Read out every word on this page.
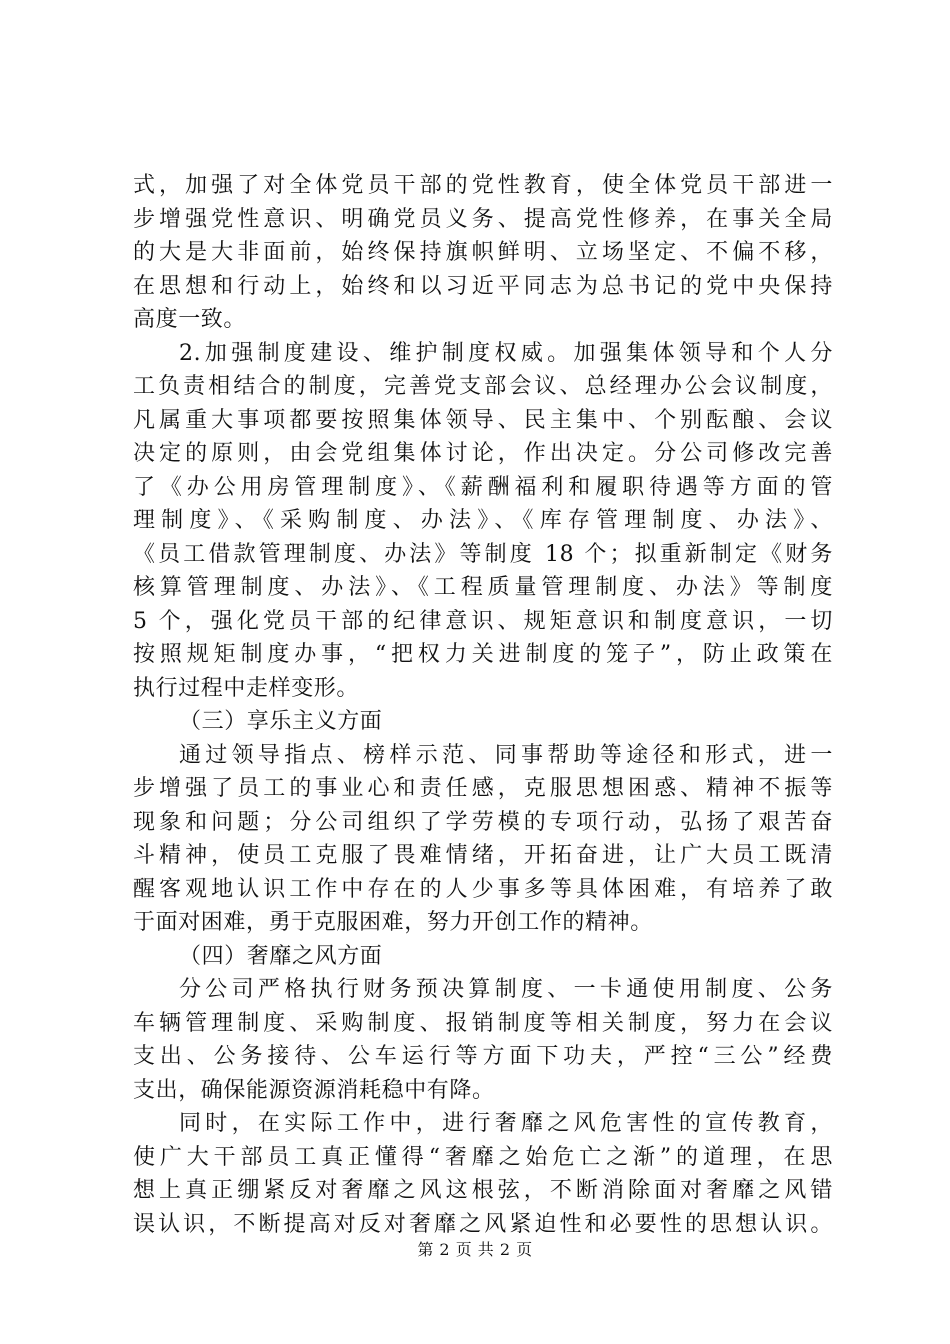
式，加强了对全体党员干部的党性教育，使全体党员干部进一
步增强党性意识、明确党员义务、提高党性修养，在事关全局
的大是大非面前，始终保持旗帜鲜明、立场坚定、不偏不移，
在思想和行动上，始终和以习近平同志为总书记的党中央保持
高度一致。
2.加强制度建设、维护制度权威。加强集体领导和个人分
工负责相结合的制度，完善党支部会议、总经理办公会议制度，
凡属重大事项都要按照集体领导、民主集中、个别酝酿、会议
决定的原则，由会党组集体讨论，作出决定。分公司修改完善
了《办公用房管理制度》、《薪酬福利和履职待遇等方面的管
理制度》、《采购制度、办法》、《库存管理制度、办法》、
《员工借款管理制度、办法》等制度 18 个；拟重新制定《财务
核算管理制度、办法》、《工程质量管理制度、办法》等制度
5 个，强化党员干部的纪律意识、规矩意识和制度意识，一切
按照规矩制度办事，“把权力关进制度的笼子”，防止政策在
执行过程中走样变形。
（三）享乐主义方面
通过领导指点、榜样示范、同事帮助等途径和形式，进一
步增强了员工的事业心和责任感，克服思想困惑、精神不振等
现象和问题；分公司组织了学劳模的专项行动，弘扬了艰苦奋
斗精神，使员工克服了畏难情绪，开拓奋进，让广大员工既清
醒客观地认识工作中存在的人少事多等具体困难，有培养了敢
于面对困难，勇于克服困难，努力开创工作的精神。
（四）奢靡之风方面
分公司严格执行财务预决算制度、一卡通使用制度、公务
车辆管理制度、采购制度、报销制度等相关制度，努力在会议
支出、公务接待、公车运行等方面下功夫，严控“三公”经费
支出，确保能源资源消耗稳中有降。
同时，在实际工作中，进行奢靡之风危害性的宣传教育，
使广大干部员工真正懂得“奢靡之始危亡之渐”的道理，在思
想上真正绷紧反对奢靡之风这根弦，不断消除面对奢靡之风错
误认识，不断提高对反对奢靡之风紧迫性和必要性的思想认识。
第 2 页 共 2 页
